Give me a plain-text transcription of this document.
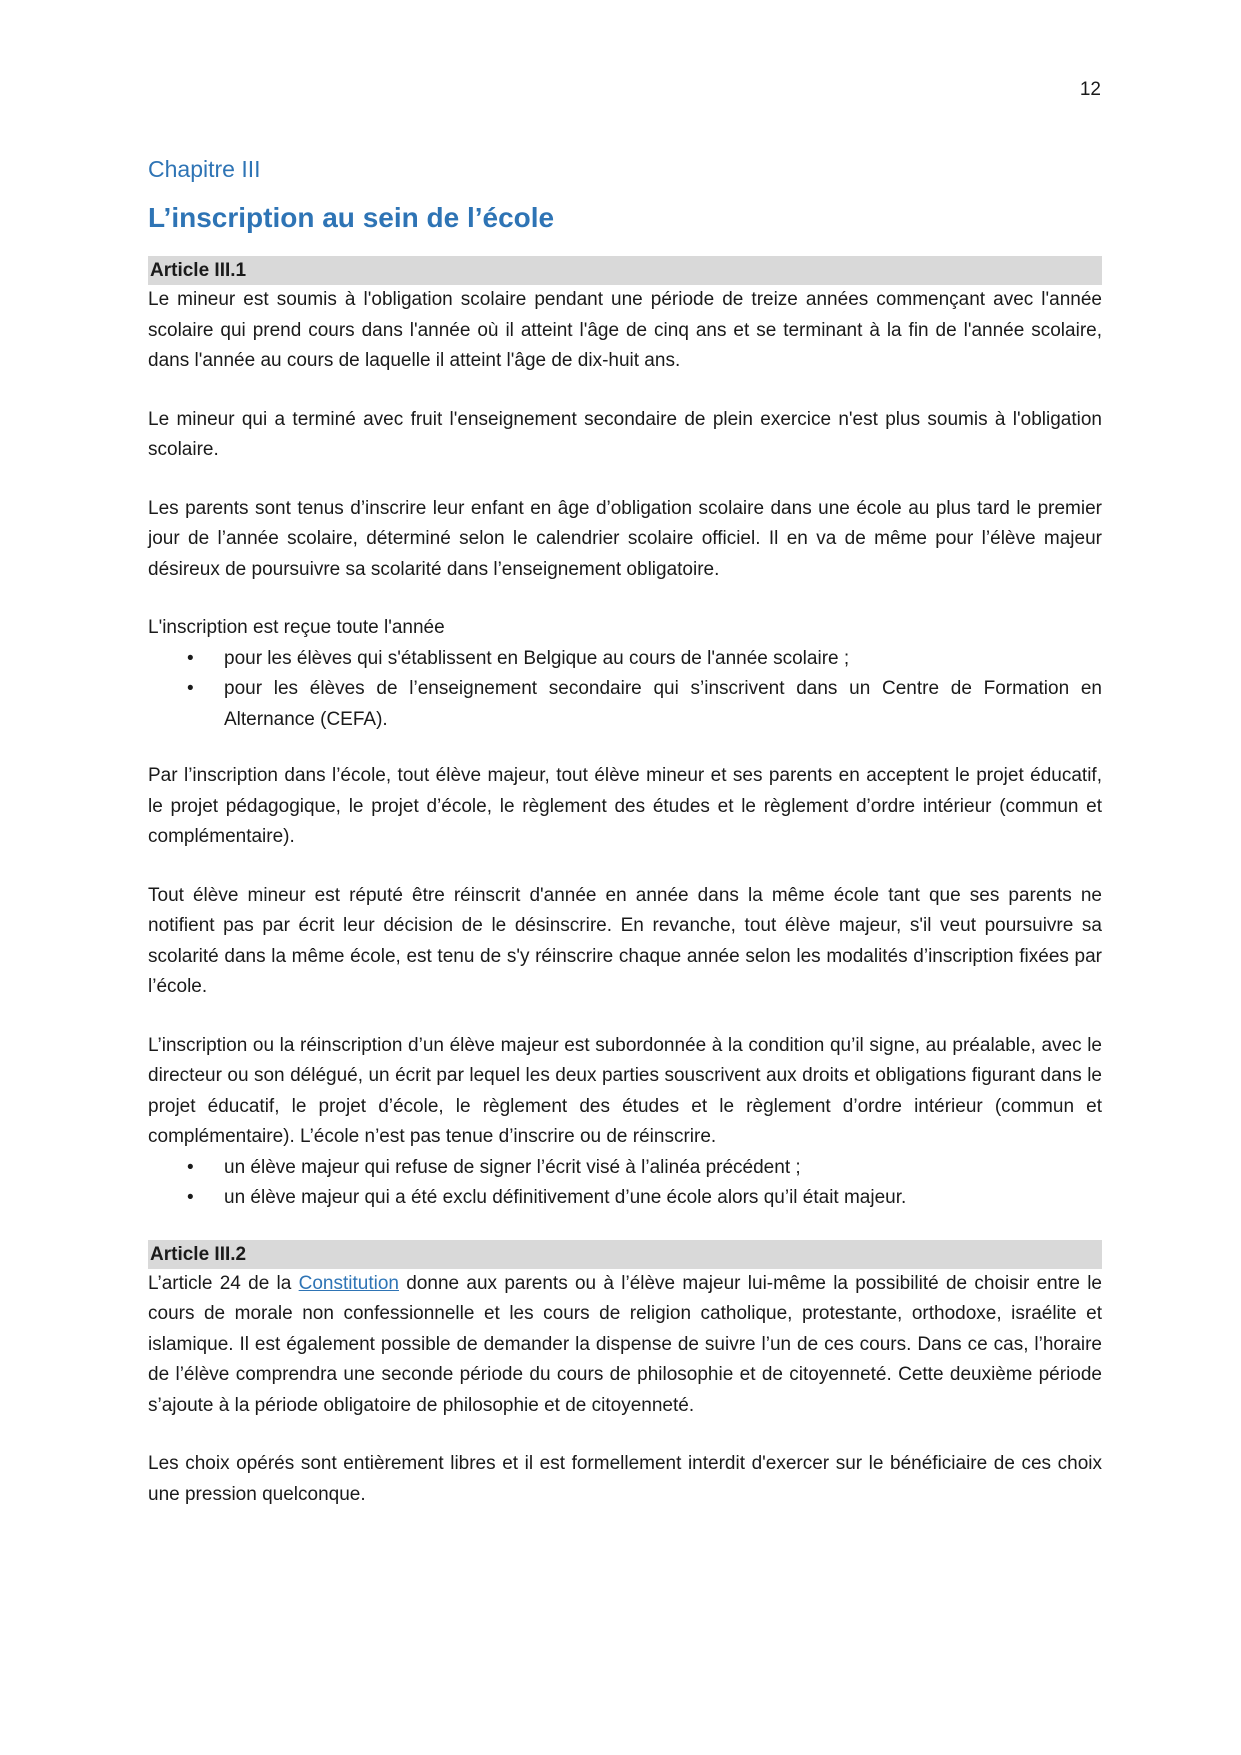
12
Chapitre III
L’inscription au sein de l’école
Article III.1

Le mineur est soumis à l'obligation scolaire pendant une période de treize années commençant avec l'année scolaire qui prend cours dans l'année où il atteint l'âge de cinq ans et se terminant à la fin de l'année scolaire, dans l'année au cours de laquelle il atteint l'âge de dix-huit ans.

Le mineur qui a terminé avec fruit l'enseignement secondaire de plein exercice n'est plus soumis à l'obligation scolaire.

Les parents sont tenus d’inscrire leur enfant en âge d’obligation scolaire dans une école au plus tard le premier jour de l’année scolaire, déterminé selon le calendrier scolaire officiel. Il en va de même pour l’élève majeur désireux de poursuivre sa scolarité dans l’enseignement obligatoire.

L'inscription est reçue toute l'année

• pour les élèves qui s'établissent en Belgique au cours de l'année scolaire ;
• pour les élèves de l’enseignement secondaire qui s’inscrivent dans un Centre de Formation en Alternance (CEFA).

Par l’inscription dans l’école, tout élève majeur, tout élève mineur et ses parents en acceptent le projet éducatif, le projet pédagogique, le projet d’école, le règlement des études et le règlement d’ordre intérieur (commun et complémentaire).

Tout élève mineur est réputé être réinscrit d'année en année dans la même école tant que ses parents ne notifient pas par écrit leur décision de le désinscrire. En revanche, tout élève majeur, s'il veut poursuivre sa scolarité dans la même école, est tenu de s'y réinscrire chaque année selon les modalités d’inscription fixées par l’école.

L’inscription ou la réinscription d’un élève majeur est subordonnée à la condition qu’il signe, au préalable, avec le directeur ou son délégué, un écrit par lequel les deux parties souscrivent aux droits et obligations figurant dans le projet éducatif, le projet d’école, le règlement des études et le règlement d’ordre intérieur (commun et complémentaire). L’école n’est pas tenue d’inscrire ou de réinscrire.

• un élève majeur qui refuse de signer l’écrit visé à l’alinéa précédent ;
• un élève majeur qui a été exclu définitivement d’une école alors qu’il était majeur.
Article III.2

L’article 24 de la Constitution donne aux parents ou à l’élève majeur lui-même la possibilité de choisir entre le cours de morale non confessionnelle et les cours de religion catholique, protestante, orthodoxe, israélite et islamique. Il est également possible de demander la dispense de suivre l’un de ces cours. Dans ce cas, l’horaire de l’élève comprendra une seconde période du cours de philosophie et de citoyenneté. Cette deuxième période s’ajoute à la période obligatoire de philosophie et de citoyenneté.

Les choix opérés sont entièrement libres et il est formellement interdit d'exercer sur le bénéficiaire de ces choix une pression quelconque.
